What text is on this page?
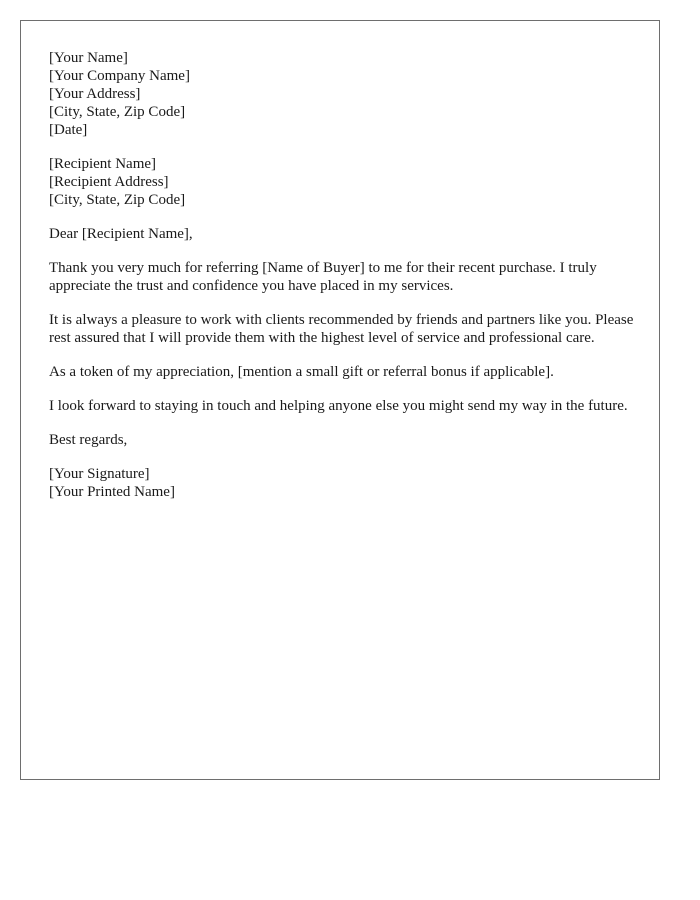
[Your Name]
[Your Company Name]
[Your Address]
[City, State, Zip Code]
[Date]
[Recipient Name]
[Recipient Address]
[City, State, Zip Code]

Dear [Recipient Name],

Thank you very much for referring [Name of Buyer] to me for their recent purchase. I truly appreciate the trust and confidence you have placed in my services.

It is always a pleasure to work with clients recommended by friends and partners like you. Please rest assured that I will provide them with the highest level of service and professional care.

As a token of my appreciation, [mention a small gift or referral bonus if applicable].

I look forward to staying in touch and helping anyone else you might send my way in the future.

Best regards,

[Your Signature]
[Your Printed Name]
